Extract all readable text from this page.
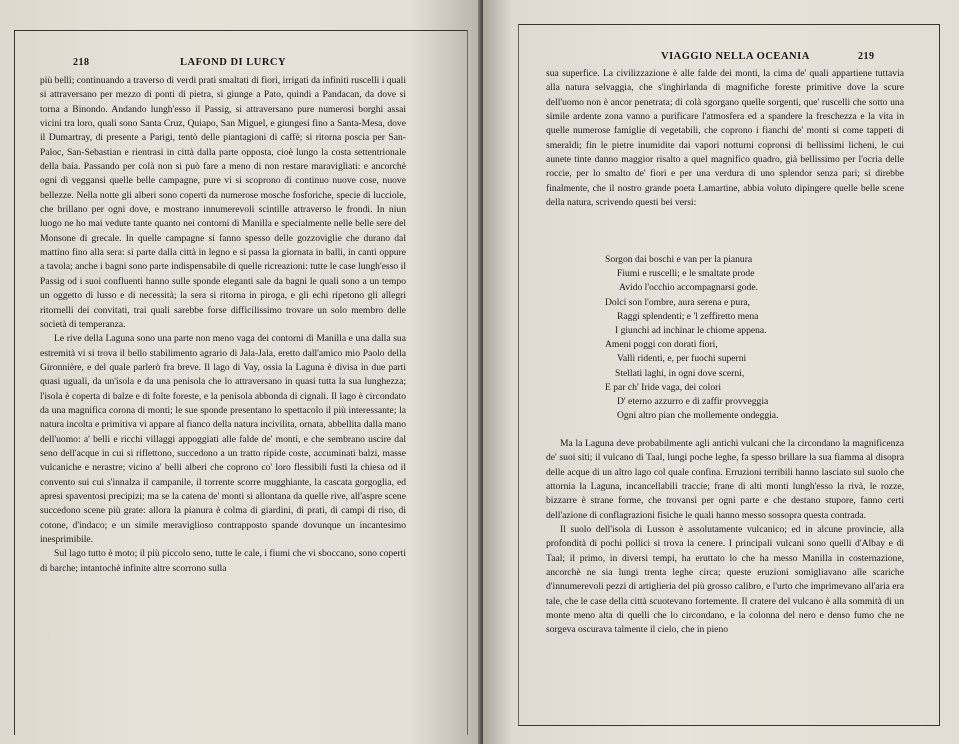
218	LAFOND DI LURCY

più belli; continuando a traverso di verdi prati smaltati di fiori, irrigati da infiniti ruscelli i quali si attraversano per mezzo di ponti di pietra, si giunge a Pato, quindi a Pandacan, da dove si torna a Binondo. Andando lungh'esso il Passig, si attraversano pure numerosi borghi assai vicini tra loro, quali sono Santa Cruz, Quiapo, San Miguel, e giungesi fino a Santa-Mesa, dove il Dumartray, di presente a Parigi, tentò delle piantagioni di caffè; si ritorna poscia per San-Paloc, San-Sebastian e rientrasi in città dalla parte opposta, cioè lungo la costa settentrionale della baia. Passando per colà non si può fare a meno di non restare maravigliati: e ancorchè ogni dì veggansi quelle belle campagne, pure vi si scoprono di continuo nuove cose, nuove bellezze. Nella notte gli alberi sono coperti da numerose mosche fosforiche, specie di lucciole, che brillano per ogni dove, e mostrano innumerevoli scintille attraverso le frondi. In niun luogo ne ho mai vedute tante quanto nei contorni di Manilla e specialmente nelle belle sere del Monsone di grecale. In quelle campagne si fanno spesso delle gozzoviglie che durano dal mattino fino alla sera: si parte dalla città in legno e si passa la giornata in balli, in canti oppure a tavola; anche i bagni sono parte indispensabile di quelle ricreazioni: tutte le case lungh'esso il Passig od i suoi confluenti hanno sulle sponde eleganti sale da bagni le quali sono a un tempo un oggetto di lusso e di necessità; la sera si ritorna in piroga, e gli echi ripetono gli allegri ritornelli dei convitati, trai quali sarebbe forse difficilissimo trovare un solo membro delle società di temperanza.

Le rive della Laguna sono una parte non meno vaga dei contorni di Manilla e una dalla sua estremità vi si trova il bello stabilimento agrario di Jala-Jala, eretto dall'amico mio Paolo della Gironnière, e del quale parlerò fra breve. Il lago di Vay, ossia la Laguna è divisa in due parti quasi uguali, da un'isola e da una penisola che lo attraversano in quasi tutta la sua lunghezza; l'isola è coperta di balze e di folte foreste, e la penisola abbonda di cignali. Il lago è circondato da una magnifica corona di monti; le sue sponde presentano lo spettacolo il più interessante; la natura incolta e primitiva vi appare al fianco della natura incivilita, ornata, abbellita dalla mano dell'uomo: a' belli e ricchi villaggi appoggiati alle falde de' monti, e che sembrano uscire dal seno dell'acque in cui si riflettono, succedono a un tratto ripide coste, accuminati balzi, masse vulcaniche e nerastre; vicino a' belli alberi che coprono co' loro flessibili fusti la chiesa od il convento sui cui s'innalza il campanile, il torrente scorre mugghiante, la cascata gorgoglia, ed apresi spaventosi precipizi; ma se la catena de' monti si allontana da quelle rive, all'aspre scene succedono scene più grate: allora la pianura è colma di giardini, di prati, di campi di riso, di cotone, d'indaco; e un simile meraviglioso contrapposto spande dovunque un incantesimo inesprimibile.

Sul lago tutto è moto; il più piccolo seno, tutte le cale, i fiumi che vi sboccano, sono coperti di barche; intantochè infinite altre scorrono sulla

VIAGGIO NELLA OCEANIA	219

sua superfice. La civilizzazione è alle falde dei monti, la cima de' quali appartiene tuttavia alla natura selvaggia, che s'inghirlanda di magnifiche foreste primitive dove la scure dell'uomo non è ancor penetrata; di colà sgorgano quelle sorgenti, que' ruscelli che sotto una simile ardente zona vanno a purificare l'atmosfera ed a spandere la freschezza e la vita in quelle numerose famiglie di vegetabili, che coprono i fianchi de' monti sì come tappeti di smeraldi; fin le pietre inumidite dai vapori notturni copronsi di bellissimi licheni, le cui aunete tinte danno maggior risalto a quel magnifico quadro, già bellissimo per l'ocria delle roccie, per lo smalto de' fiori e per una verdura di uno splendor senza pari; si direbbe finalmente, che il nostro grande poeta Lamartine, abbia voluto dipingere quelle belle scene della natura, scrivendo questi bei versi:

Sorgon dai boschi e van per la pianura
Fiumi e ruscelli; e le smaltate prode
Avido l'occhio accompagnarsi gode.
Dolci son l'ombre, aura serena e pura,
Raggi splendenti; e 'l zeffiretto mena
I giunchi ad inchinar le chiome appena.
Ameni poggi con dorati fiori,
Valli ridenti, e, per fuochi superni
Stellati laghi, in ogni dove scerni,
E par ch' Iride vaga, dei colori
D' eterno azzurro e di zaffir provveggia
Ogni altro pian che mollemente ondeggia.

Ma la Laguna deve probabilmente agli antichi vulcani che la circondano la magnificenza de' suoi siti; il vulcano di Taal, lungi poche leghe, fa spesso brillare la sua fiamma al disopra delle acque di un altro lago col quale confina. Erruzioni terribili hanno lasciato sul suolo che attornia la Laguna, incancellabili traccie; frane di alti monti lungh'esso la rivà, le rozze, bizzarre è strane forme, che trovansi per ogni parte e che destano stupore, fanno certi dell'azione di conflagrazioni fisiche le quali hanno messo sossopra questa contrada.

Il suolo dell'isola di Lusson è assolutamente vulcanico; ed in alcune provincie, alla profondità di pochi pollici si trova la cenere. I principali vulcani sono quelli d'Albay e di Taal; il primo, in diversi tempi, ha eruttato lo che ha messo Manilla in costernazione, ancorchè ne sia lungi trenta leghe circa; queste eruzioni somigliavano alle scariche d'innumerevoli pezzi di artiglieria del più grosso calibro, e l'urto che imprimevano all'aria era tale, che le case della città scuotevano fortemente. Il cratere del vulcano è alla sommità di un monte meno alta di quelli che lo circondano, e la colonna del nero e denso fumo che ne sorgeva oscurava talmente il cielo, che in pieno
